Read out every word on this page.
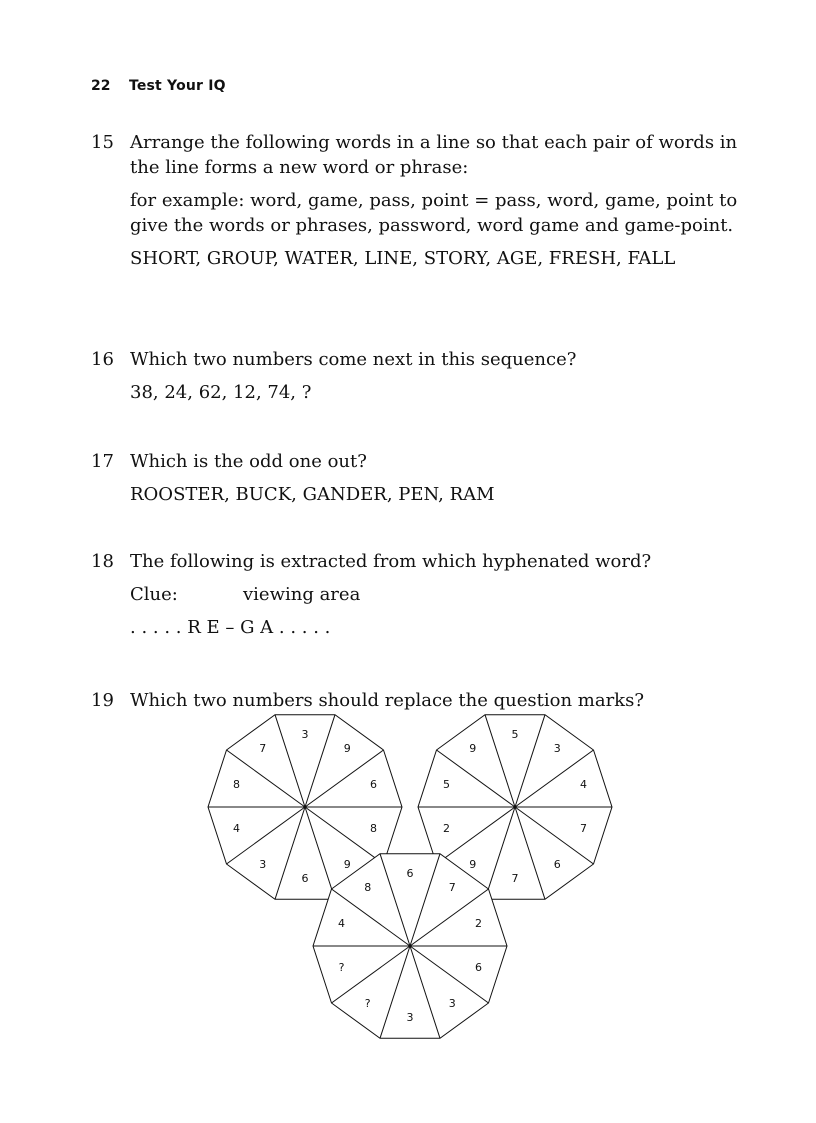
22 Test Your IQ
15 Arrange the following words in a line so that each pair of words in the line forms a new word or phrase:

for example: word, game, pass, point = pass, word, game, point to give the words or phrases, password, word game and game-point.

SHORT, GROUP, WATER, LINE, STORY, AGE, FRESH, FALL

16 Which two numbers come next in this sequence?

38, 24, 62, 12, 74, ?

17 Which is the odd one out?

ROOSTER, BUCK, GANDER, PEN, RAM

18 The following is extracted from which hyphenated word?

Clue:	viewing area

. . . . . R E – G A . . . . .

19 Which two numbers should replace the question marks?

3
9
6
8
9
6
3
4
8
7
5
3
4
7
6
7
9
2
5
9
6
7
2
6
3
3
?
?
4
8
